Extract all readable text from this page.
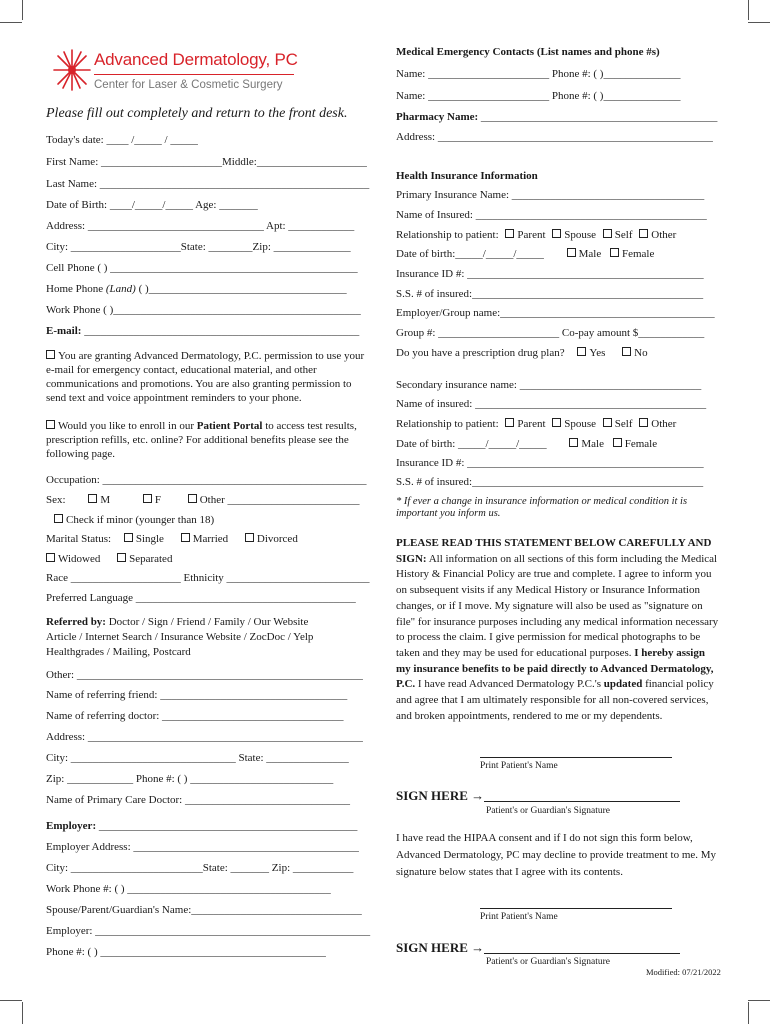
Advanced Dermatology, PC
Center for Laser & Cosmetic Surgery
Please fill out completely and return to the front desk.
Today's date: ____ /_____ / _____
First Name: ______________________Middle:____________________
Last Name: _________________________________________________
Date of Birth: ____/_____/_____ Age: _______
Address: ________________________________ Apt: ____________
City: ____________________State: ________Zip: ______________
Cell Phone ( ) _____________________________________________
Home Phone (Land) ( )____________________________________
Work Phone ( )_____________________________________________
E-mail: __________________________________________________
You are granting Advanced Dermatology, P.C. permission to use your e-mail for emergency contact, educational material, and other communications and promotions. You are also granting permission to send text and voice appointment reminders to your phone.
Would you like to enroll in our Patient Portal to access test results, prescription refills, etc. online? For additional benefits please see the following page.
Occupation: ________________________________________________
Sex:	M	F	Other ________________________
Check if minor (younger than 18)
Marital Status: Single	Married	Divorced
Widowed	Separated
Race ____________________ Ethnicity __________________________
Preferred Language ________________________________________
Referred by: Doctor / Sign / Friend / Family / Our Website
Article / Internet Search / Insurance Website / ZocDoc / Yelp
Healthgrades / Mailing, Postcard
Other: ____________________________________________________
Name of referring friend: __________________________________
Name of referring doctor: _________________________________
Address: __________________________________________________
City: ______________________________ State: _______________
Zip: ____________ Phone #: ( ) __________________________
Name of Primary Care Doctor: ______________________________
Employer: _______________________________________________
Employer Address: _________________________________________
City: ________________________State: _______ Zip: ___________
Work Phone #: ( ) _____________________________________
Spouse/Parent/Guardian's Name:_______________________________
Employer: __________________________________________________
Phone #: ( ) _________________________________________
Medical Emergency Contacts (List names and phone #s)
Name: ______________________ Phone #: ( )______________
Name: ______________________ Phone #: ( )______________
Pharmacy Name: ___________________________________________
Address: __________________________________________________
Health Insurance Information
Primary Insurance Name: ___________________________________
Name of Insured: __________________________________________
Relationship to patient: Parent Spouse Self Other
Date of birth:_____/_____/_____	Male Female
Insurance ID #: ___________________________________________
S.S. # of insured:__________________________________________
Employer/Group name:_______________________________________
Group #: ______________________ Co-pay amount $____________
Do you have a prescription drug plan? Yes	No
Secondary insurance name: _________________________________
Name of insured: __________________________________________
Relationship to patient: Parent Spouse Self Other
Date of birth: _____/_____/_____	Male Female
Insurance ID #: ___________________________________________
S.S. # of insured:__________________________________________
* If ever a change in insurance information or medical condition it is important you inform us.
PLEASE READ THIS STATEMENT BELOW CAREFULLY AND SIGN: All information on all sections of this form including the Medical History & Financial Policy are true and complete. I agree to inform you on subsequent visits if any Medical History or Insurance Information changes, or if I move. My signature will also be used as "signature on file" for insurance purposes including any medical information necessary to process the claim. I give permission for medical photographs to be taken and they may be used for educational purposes. I hereby assign my insurance benefits to be paid directly to Advanced Dermatology, P.C. I have read Advanced Dermatology P.C.'s updated financial policy and agree that I am ultimately responsible for all non-covered services, and broken appointments, rendered to me or my dependents.
Print Patient's Name
SIGN HERE →
Patient's or Guardian's Signature
I have read the HIPAA consent and if I do not sign this form below, Advanced Dermatology, PC may decline to provide treatment to me. My signature below states that I agree with its contents.
Print Patient's Name
SIGN HERE →
Patient's or Guardian's Signature
Modified: 07/21/2022
